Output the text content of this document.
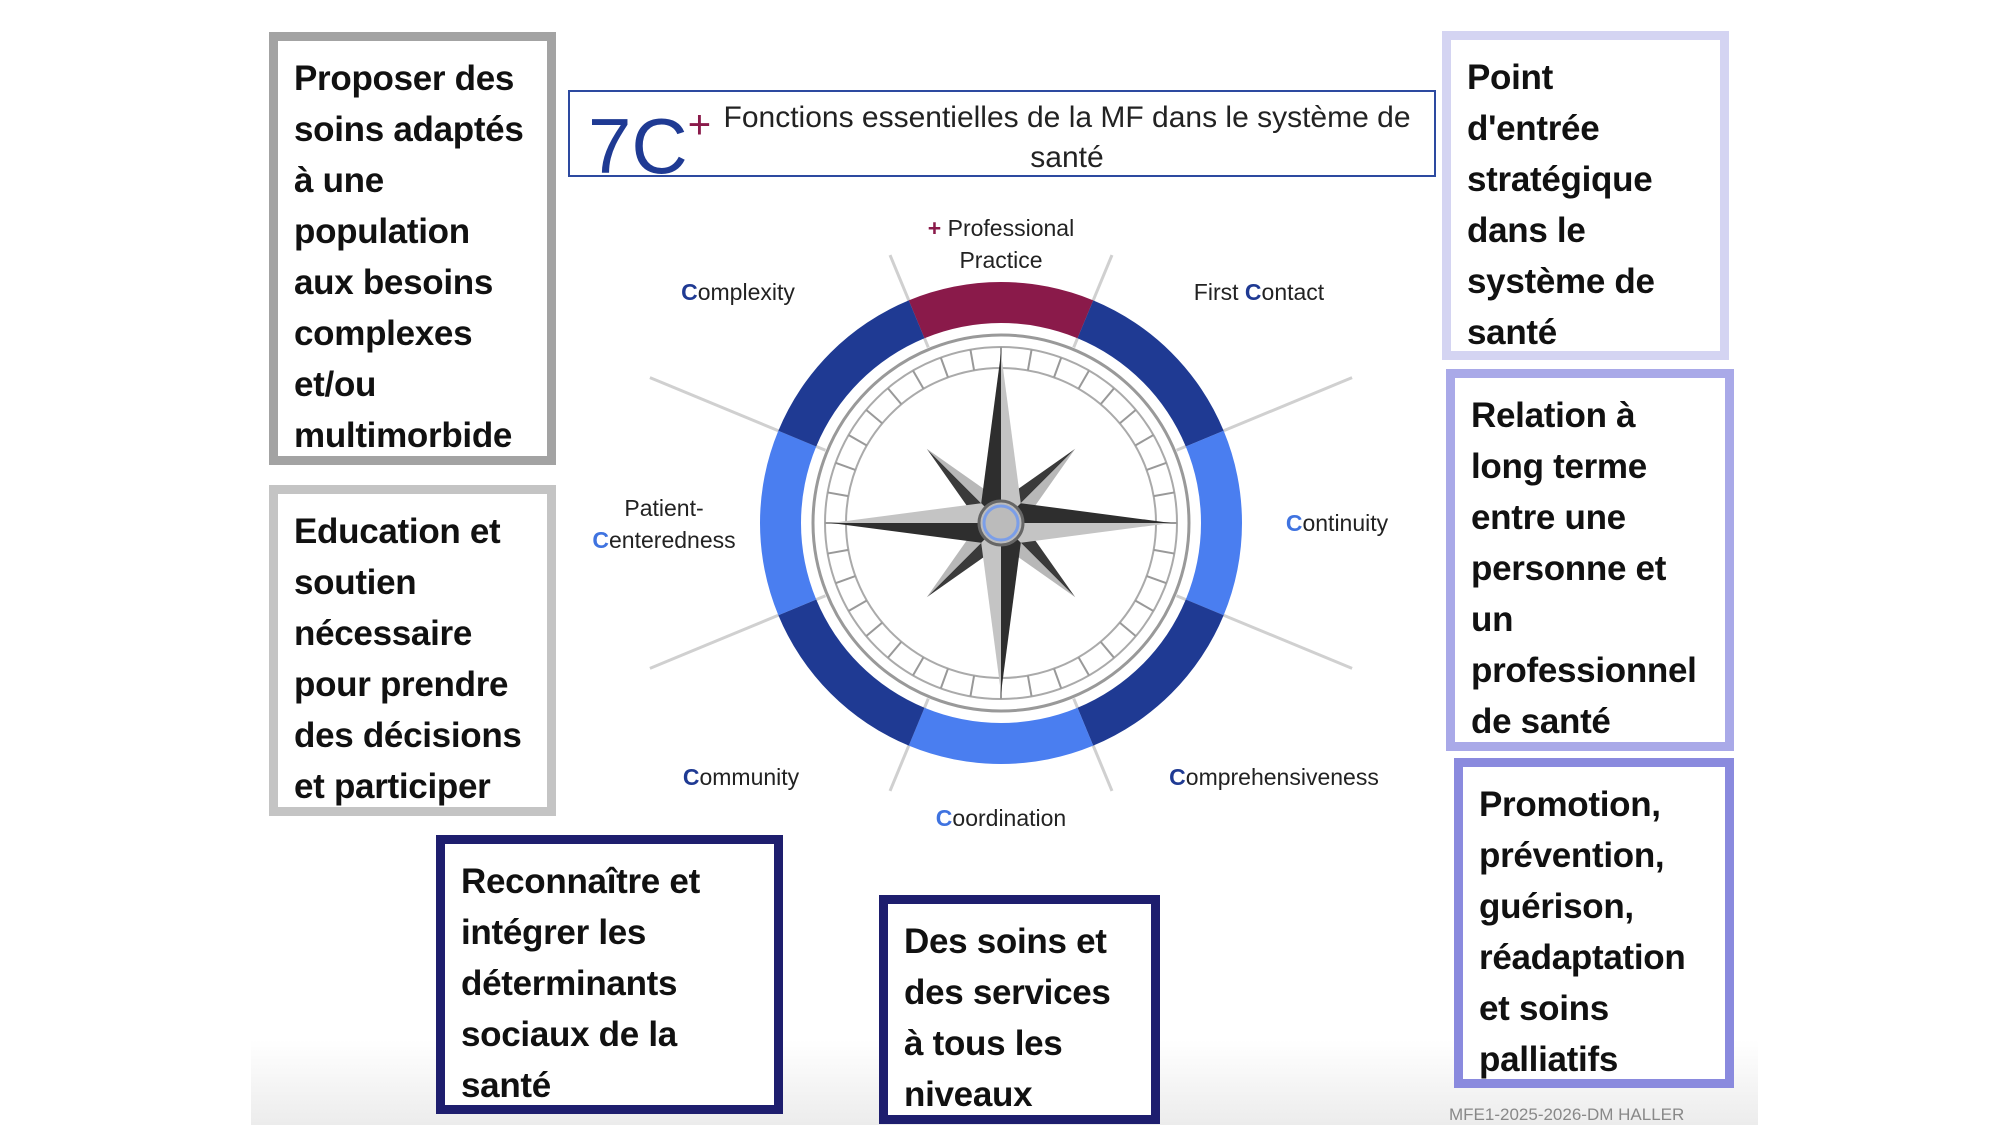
7C+ Fonctions essentielles de la MF dans le système de santé
+ Professional
Practice
First Contact
Continuity
Comprehensiveness
Coordination
Community
Patient-
Centeredness
Complexity
Proposer des
soins adaptés
à une
population
aux besoins
complexes
et/ou
multimorbide
Education et
soutien
nécessaire
pour prendre
des décisions
et participer
Reconnaître et
intégrer les
déterminants
sociaux de la
santé
Des soins et
des services
à tous les
niveaux
Point
d'entrée
stratégique
dans le
système de
santé
Relation à
long terme
entre une
personne et
un
professionnel
de santé
Promotion,
prévention,
guérison,
réadaptation
et soins
palliatifs
MFE1-2025-2026-DM HALLER
